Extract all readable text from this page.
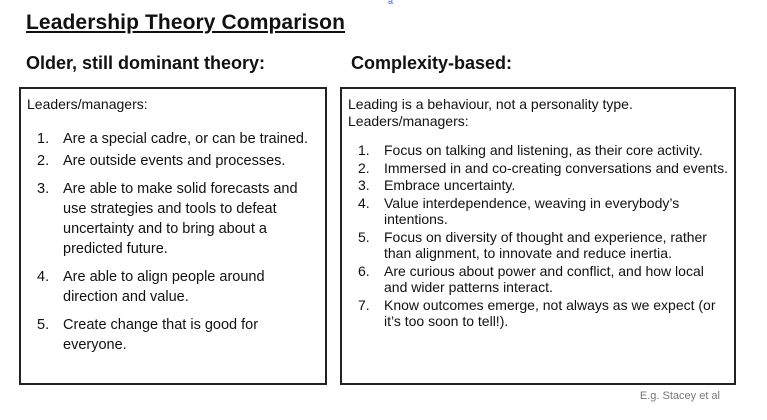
a
Leadership Theory Comparison
Older, still dominant theory:	Complexity-based:
Leaders/managers:
1. Are a special cadre, or can be trained.
2. Are outside events and processes.
3. Are able to make solid forecasts and use strategies and tools to defeat uncertainty and to bring about a predicted future.
4. Are able to align people around direction and value.
5. Create change that is good for everyone.
Leading is a behaviour, not a personality type.
Leaders/managers:
1. Focus on talking and listening, as their core activity.
2. Immersed in and co-creating conversations and events.
3. Embrace uncertainty.
4. Value interdependence, weaving in everybody’s intentions.
5. Focus on diversity of thought and experience, rather than alignment, to innovate and reduce inertia.
6. Are curious about power and conflict, and how local and wider patterns interact.
7. Know outcomes emerge, not always as we expect (or it’s too soon to tell!).
E.g. Stacey et al
